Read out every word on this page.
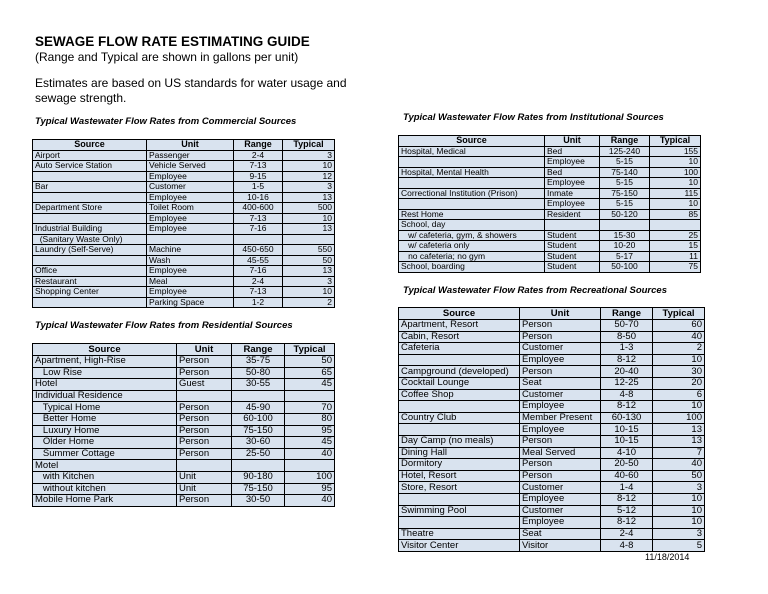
SEWAGE FLOW RATE ESTIMATING GUIDE
(Range and Typical are shown in gallons per unit)
Estimates are based on US standards for water usage and sewage strength.
Typical Wastewater Flow Rates from Commercial Sources
Source	Unit	Range	Typical
Airport	Passenger	2-4	3
Auto Service Station	Vehicle Served	7-13	10
	Employee	9-15	12
Bar	Customer	1-5	3
	Employee	10-16	13
Department Store	Toilet Room	400-600	500
	Employee	7-13	10
Industrial Building	Employee	7-16	13
(Sanitary Waste Only)			
Laundry (Self-Serve)	Machine	450-650	550
	Wash	45-55	50
Office	Employee	7-16	13
Restaurant	Meal	2-4	3
Shopping Center	Employee	7-13	10
	Parking Space	1-2	2
Typical Wastewater Flow Rates from Residential Sources
Source	Unit	Range	Typical
Apartment, High-Rise	Person	35-75	50
Low Rise	Person	50-80	65
Hotel	Guest	30-55	45
Individual Residence			
Typical Home	Person	45-90	70
Better Home	Person	60-100	80
Luxury Home	Person	75-150	95
Older Home	Person	30-60	45
Summer Cottage	Person	25-50	40
Motel			
with Kitchen	Unit	90-180	100
without kitchen	Unit	75-150	95
Mobile Home Park	Person	30-50	40
Typical Wastewater Flow Rates from Institutional Sources
Source	Unit	Range	Typical
Hospital, Medical	Bed	125-240	155
	Employee	5-15	10
Hospital, Mental Health	Bed	75-140	100
	Employee	5-15	10
Correctional Institution (Prison)	Inmate	75-150	115
	Employee	5-15	10
Rest Home	Resident	50-120	85
School, day			
w/ cafeteria, gym, & showers	Student	15-30	25
w/ cafeteria only	Student	10-20	15
no cafeteria; no gym	Student	5-17	11
School, boarding	Student	50-100	75
Typical Wastewater Flow Rates from Recreational Sources
Source	Unit	Range	Typical
Apartment, Resort	Person	50-70	60
Cabin, Resort	Person	8-50	40
Cafeteria	Customer	1-3	2
	Employee	8-12	10
Campground (developed)	Person	20-40	30
Cocktail Lounge	Seat	12-25	20
Coffee Shop	Customer	4-8	6
	Employee	8-12	10
Country Club	Member Present	60-130	100
	Employee	10-15	13
Day Camp (no meals)	Person	10-15	13
Dining Hall	Meal Served	4-10	7
Dormitory	Person	20-50	40
Hotel, Resort	Person	40-60	50
Store, Resort	Customer	1-4	3
	Employee	8-12	10
Swimming Pool	Customer	5-12	10
	Employee	8-12	10
Theatre	Seat	2-4	3
Visitor Center	Visitor	4-8	5
11/18/2014
